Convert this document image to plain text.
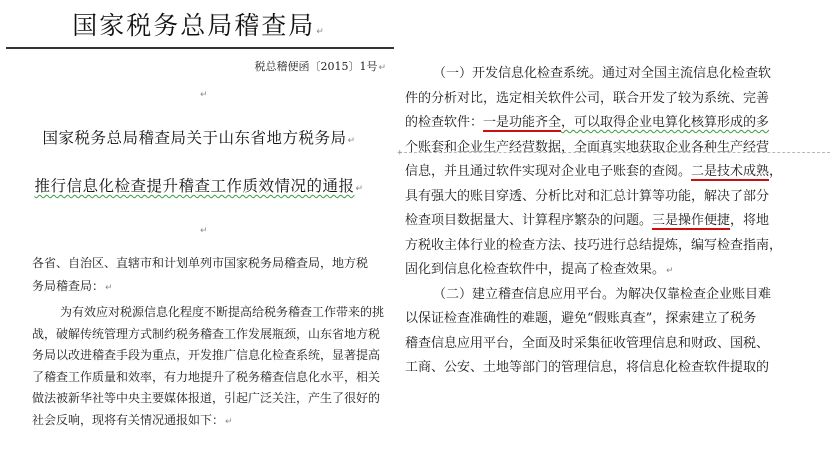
国家税务总局稽查局↵
税总稽便函〔2015〕1号↵
↵
国家税务总局稽查局关于山东省地方税务局↵
推行信息化检查提升稽查工作质效情况的通报↵
↵
各省、自治区、直辖市和计划单列市国家税务局稽查局，地方税
务局稽查局：↵
为有效应对税源信息化程度不断提高给税务稽查工作带来的挑战，破解传统管理方式制约税务稽查工作发展瓶颈，山东省地方税务局以改进稽查手段为重点，开发推广信息化检查系统，显著提高了稽查工作质量和效率，有力地提升了税务稽查信息化水平，相关做法被新华社等中央主要媒体报道，引起广泛关注，产生了很好的社会反响，现将有关情况通报如下：↵
+
（一）开发信息化检查系统。通过对全国主流信息化检查软
件的分析对比，选定相关软件公司，联合开发了较为系统、完善
的检查软件：一是功能齐全，可以取得企业电算化核算形成的多
个账套和企业生产经营数据，全面真实地获取企业各种生产经营
信息，并且通过软件实现对企业电子账套的查阅。二是技术成熟，
具有强大的账目穿透、分析比对和汇总计算等功能，解决了部分
检查项目数据量大、计算程序繁杂的问题。三是操作便捷，将地
方税收主体行业的检查方法、技巧进行总结提炼，编写检查指南，
固化到信息化检查软件中，提高了检查效果。↵
（二）建立稽查信息应用平台。为解决仅靠检查企业账目难
以保证检查准确性的难题，避免“假账真查”，探索建立了税务
稽查信息应用平台，全面及时采集征收管理信息和财政、国税、
工商、公安、土地等部门的管理信息，将信息化检查软件提取的
